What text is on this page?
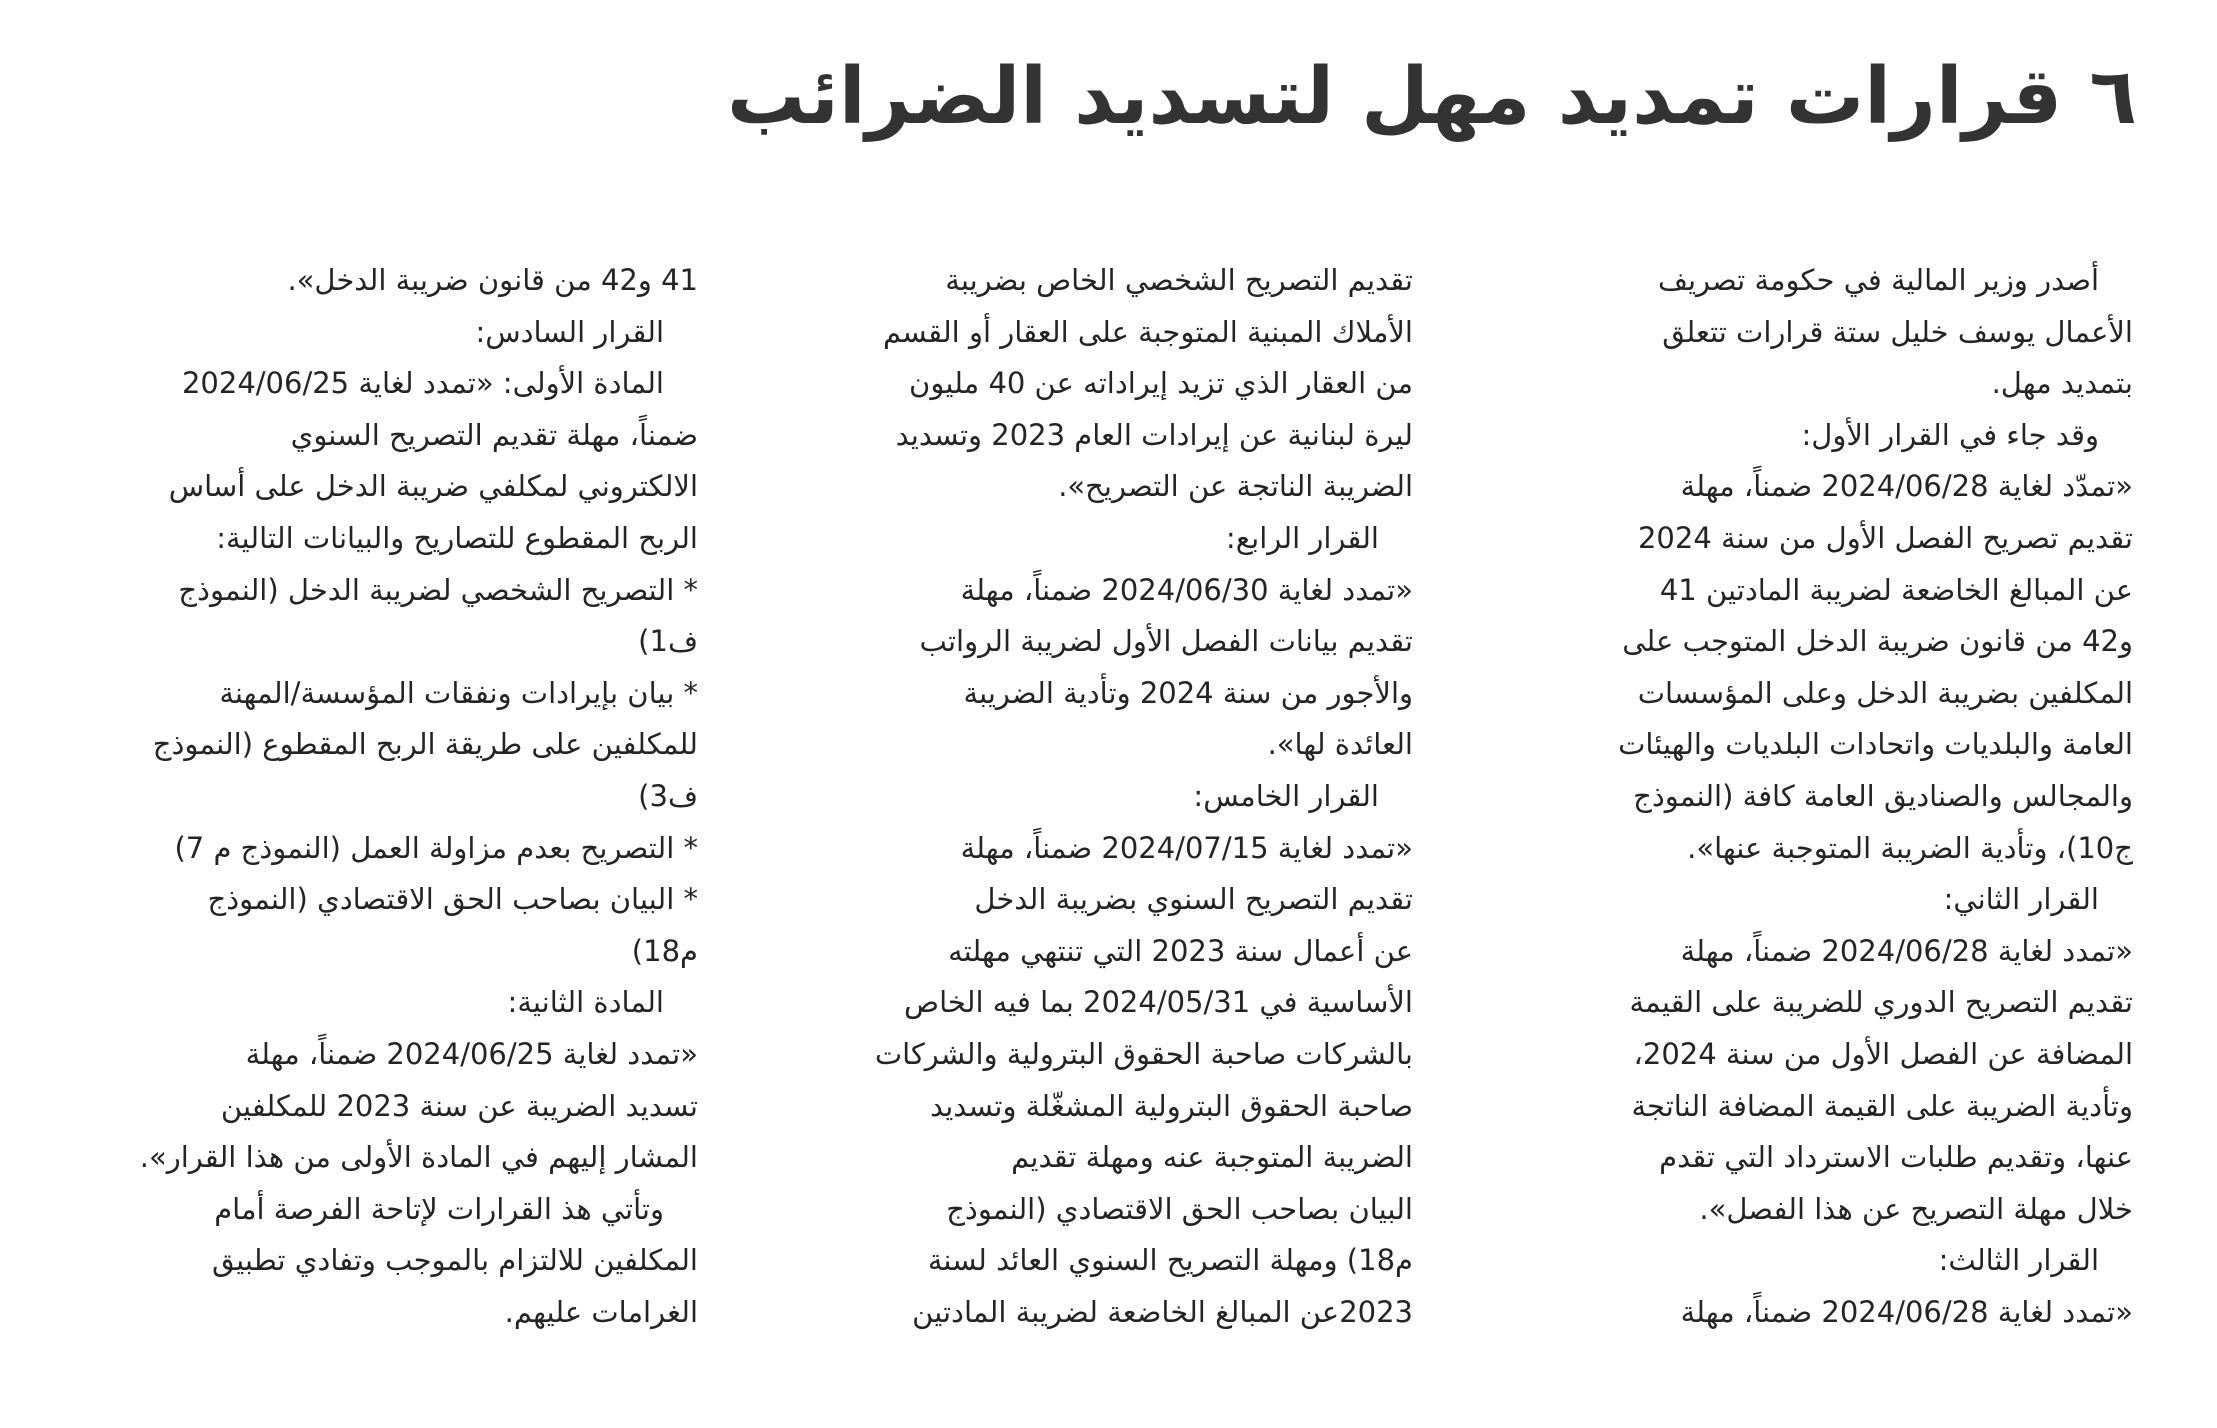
٦ قرارات تمديد مهل لتسديد الضرائب
أصدر وزير المالية في حكومة تصريف
الأعمال يوسف خليل ستة قرارات تتعلق
بتمديد مهل.
وقد جاء في القرار الأول:
«تمدّد لغاية 2024/06/28 ضمناً، مهلة
تقديم تصريح الفصل الأول من سنة 2024
عن المبالغ الخاضعة لضريبة المادتين 41
و42 من قانون ضريبة الدخل المتوجب على
المكلفين بضريبة الدخل وعلى المؤسسات
العامة والبلديات واتحادات البلديات والهيئات
والمجالس والصناديق العامة كافة (النموذج
ج10)، وتأدية الضريبة المتوجبة عنها».
القرار الثاني:
«تمدد لغاية 2024/06/28 ضمناً، مهلة
تقديم التصريح الدوري للضريبة على القيمة
المضافة عن الفصل الأول من سنة 2024،
وتأدية الضريبة على القيمة المضافة الناتجة
عنها، وتقديم طلبات الاسترداد التي تقدم
خلال مهلة التصريح عن هذا الفصل».
القرار الثالث:
«تمدد لغاية 2024/06/28 ضمناً، مهلة
تقديم التصريح الشخصي الخاص بضريبة
الأملاك المبنية المتوجبة على العقار أو القسم
من العقار الذي تزيد إيراداته عن 40 مليون
ليرة لبنانية عن إيرادات العام 2023 وتسديد
الضريبة الناتجة عن التصريح».
القرار الرابع:
«تمدد لغاية 2024/06/30 ضمناً، مهلة
تقديم بيانات الفصل الأول لضريبة الرواتب
والأجور من سنة 2024 وتأدية الضريبة
العائدة لها».
القرار الخامس:
«تمدد لغاية 2024/07/15 ضمناً، مهلة
تقديم التصريح السنوي بضريبة الدخل
عن أعمال سنة 2023 التي تنتهي مهلته
الأساسية في 2024/05/31 بما فيه الخاص
بالشركات صاحبة الحقوق البترولية والشركات
صاحبة الحقوق البترولية المشغّلة وتسديد
الضريبة المتوجبة عنه ومهلة تقديم
البيان بصاحب الحق الاقتصادي (النموذج
م18) ومهلة التصريح السنوي العائد لسنة
2023عن المبالغ الخاضعة لضريبة المادتين
41 و42 من قانون ضريبة الدخل».
القرار السادس:
المادة الأولى: «تمدد لغاية 2024/06/25
ضمناً، مهلة تقديم التصريح السنوي
الالكتروني لمكلفي ضريبة الدخل على أساس
الربح المقطوع للتصاريح والبيانات التالية:
* التصريح الشخصي لضريبة الدخل (النموذج
ف1)
* بيان بإيرادات ونفقات المؤسسة/المهنة
للمكلفين على طريقة الربح المقطوع (النموذج
ف3)
* التصريح بعدم مزاولة العمل (النموذج م 7)
* البيان بصاحب الحق الاقتصادي (النموذج
م18)
المادة الثانية:
«تمدد لغاية 2024/06/25 ضمناً، مهلة
تسديد الضريبة عن سنة 2023 للمكلفين
المشار إليهم في المادة الأولى من هذا القرار».
وتأتي هذ القرارات لإتاحة الفرصة أمام
المكلفين للالتزام بالموجب وتفادي تطبيق
الغرامات عليهم.
